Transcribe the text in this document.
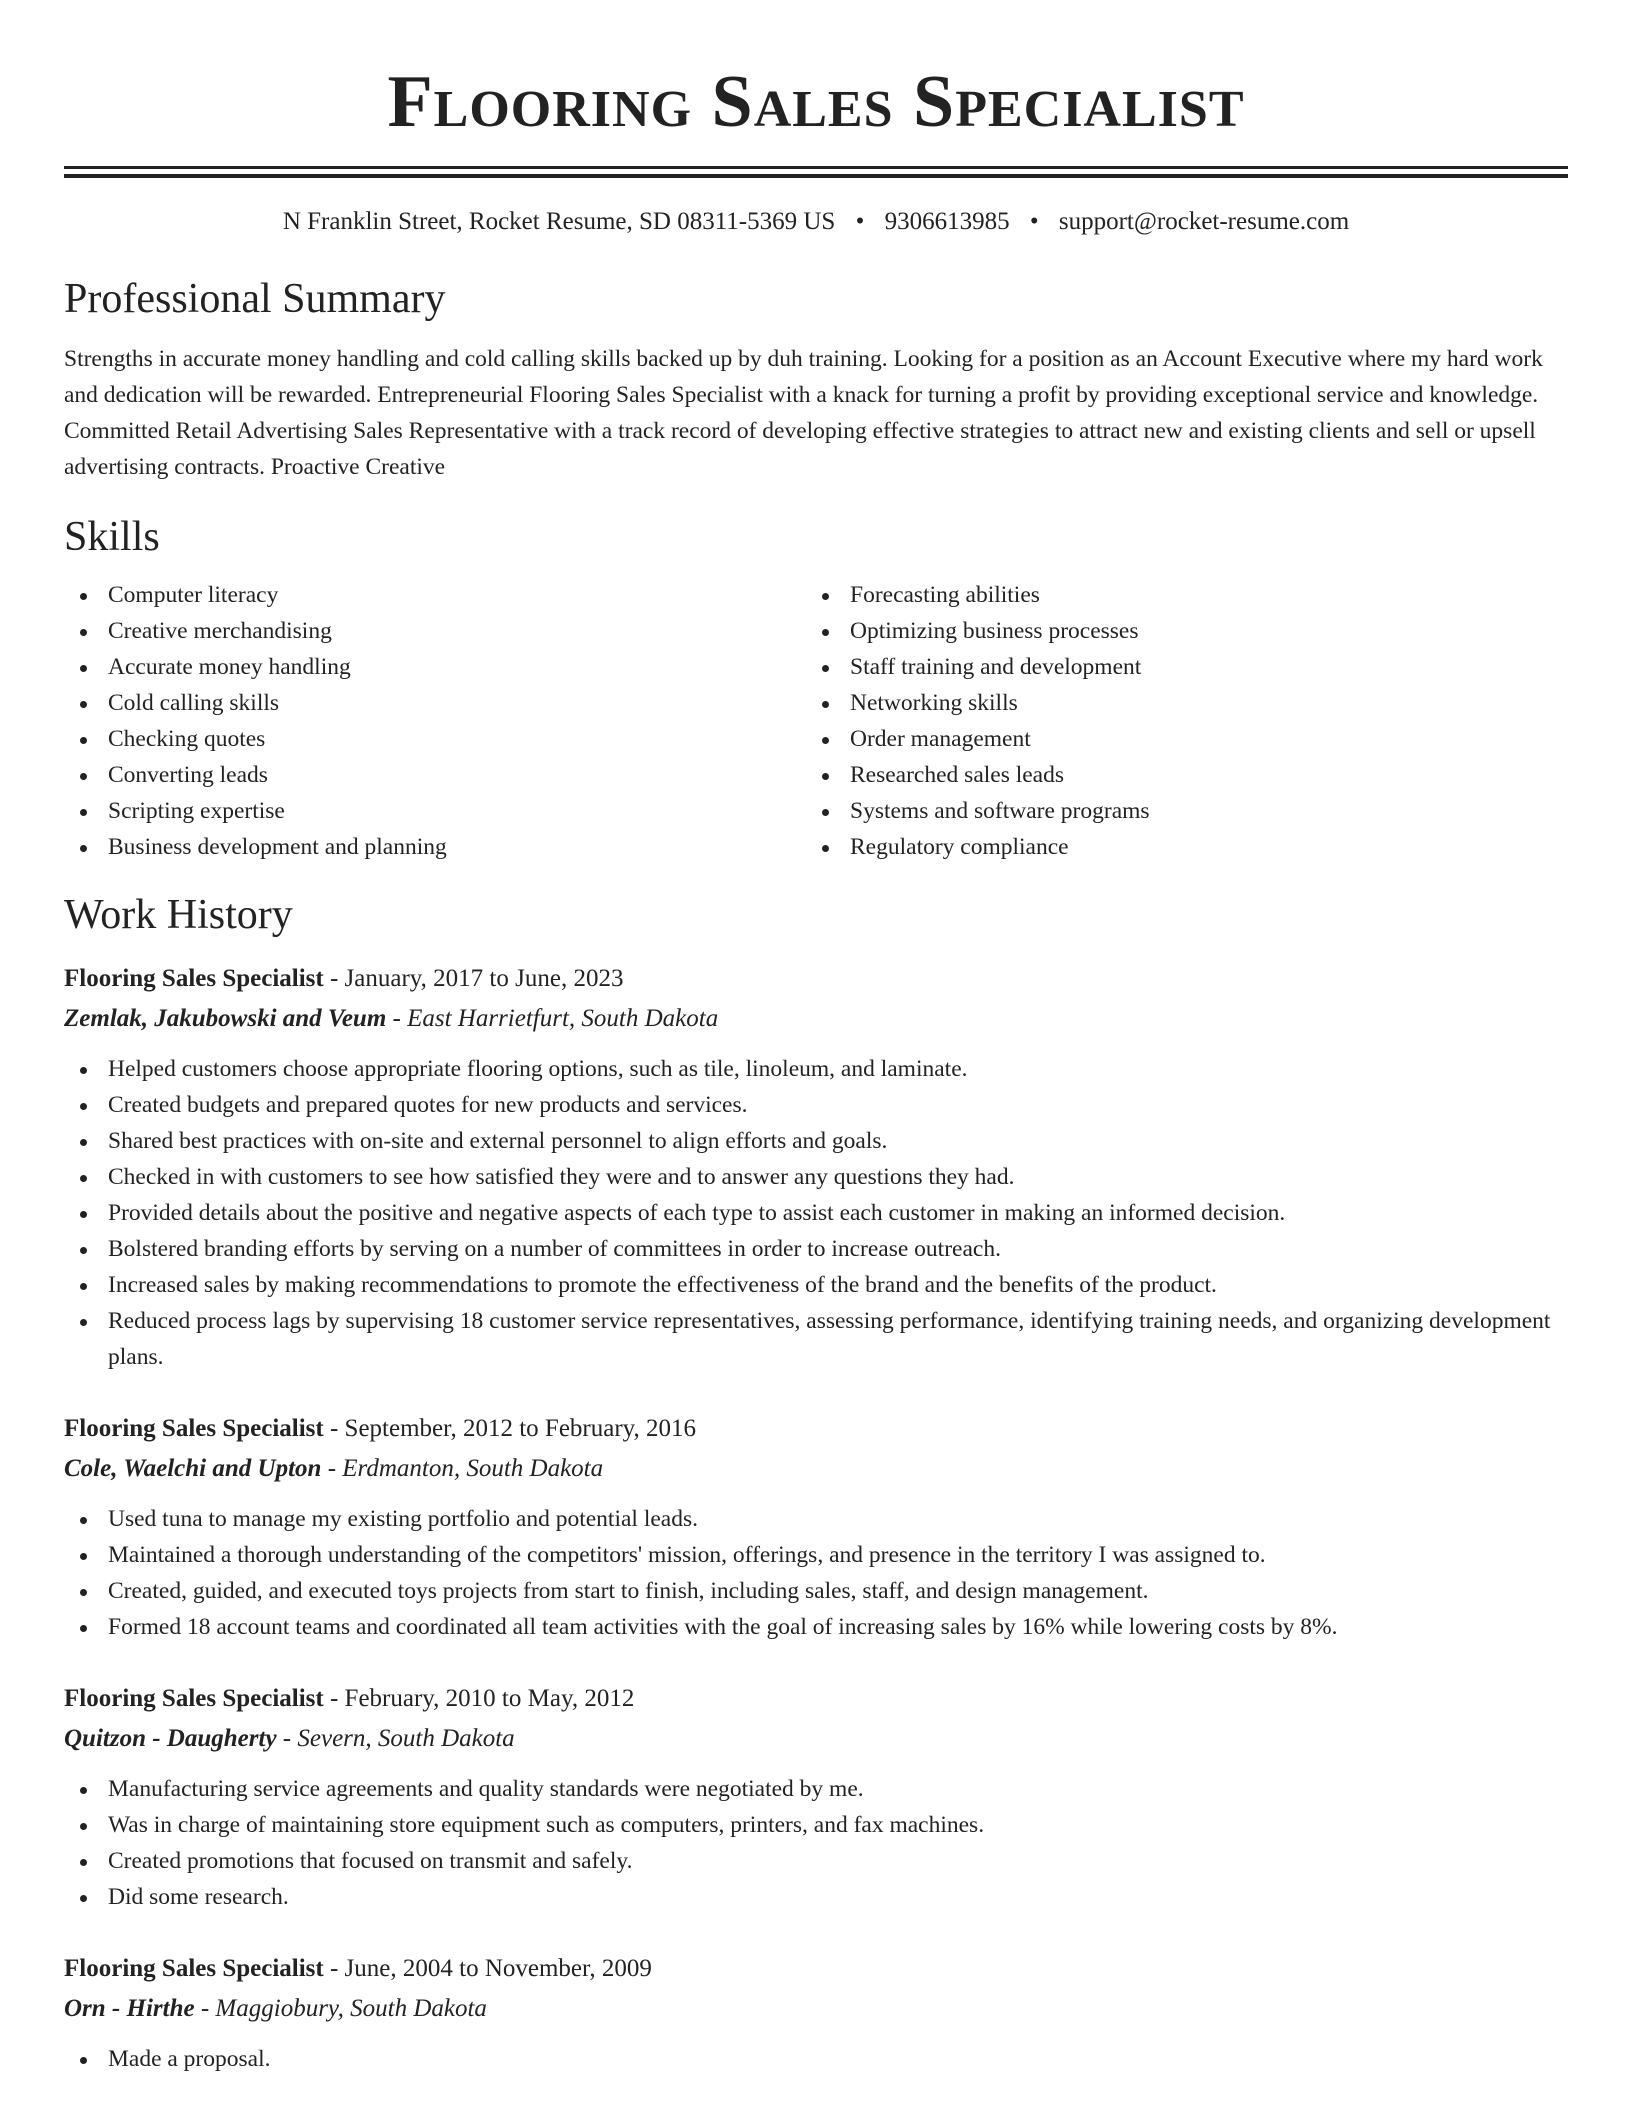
Flooring Sales Specialist
N Franklin Street, Rocket Resume, SD 08311-5369 US • 9306613985 • support@rocket-resume.com
Professional Summary

Strengths in accurate money handling and cold calling skills backed up by duh training. Looking for a position as an Account Executive where my hard work and dedication will be rewarded. Entrepreneurial Flooring Sales Specialist with a knack for turning a profit by providing exceptional service and knowledge. Committed Retail Advertising Sales Representative with a track record of developing effective strategies to attract new and existing clients and sell or upsell advertising contracts. Proactive Creative

Skills
Computer literacy
Creative merchandising
Accurate money handling
Cold calling skills
Checking quotes
Converting leads
Scripting expertise
Business development and planning
Forecasting abilities
Optimizing business processes
Staff training and development
Networking skills
Order management
Researched sales leads
Systems and software programs
Regulatory compliance
Work History
Flooring Sales Specialist - January, 2017 to June, 2023
Zemlak, Jakubowski and Veum - East Harrietfurt, South Dakota
Helped customers choose appropriate flooring options, such as tile, linoleum, and laminate.
Created budgets and prepared quotes for new products and services.
Shared best practices with on-site and external personnel to align efforts and goals.
Checked in with customers to see how satisfied they were and to answer any questions they had.
Provided details about the positive and negative aspects of each type to assist each customer in making an informed decision.
Bolstered branding efforts by serving on a number of committees in order to increase outreach.
Increased sales by making recommendations to promote the effectiveness of the brand and the benefits of the product.
Reduced process lags by supervising 18 customer service representatives, assessing performance, identifying training needs, and organizing development plans.
Flooring Sales Specialist - September, 2012 to February, 2016
Cole, Waelchi and Upton - Erdmanton, South Dakota
Used tuna to manage my existing portfolio and potential leads.
Maintained a thorough understanding of the competitors' mission, offerings, and presence in the territory I was assigned to.
Created, guided, and executed toys projects from start to finish, including sales, staff, and design management.
Formed 18 account teams and coordinated all team activities with the goal of increasing sales by 16% while lowering costs by 8%.
Flooring Sales Specialist - February, 2010 to May, 2012
Quitzon - Daugherty - Severn, South Dakota
Manufacturing service agreements and quality standards were negotiated by me.
Was in charge of maintaining store equipment such as computers, printers, and fax machines.
Created promotions that focused on transmit and safely.
Did some research.
Flooring Sales Specialist - June, 2004 to November, 2009
Orn - Hirthe - Maggiobury, South Dakota
Made a proposal.
